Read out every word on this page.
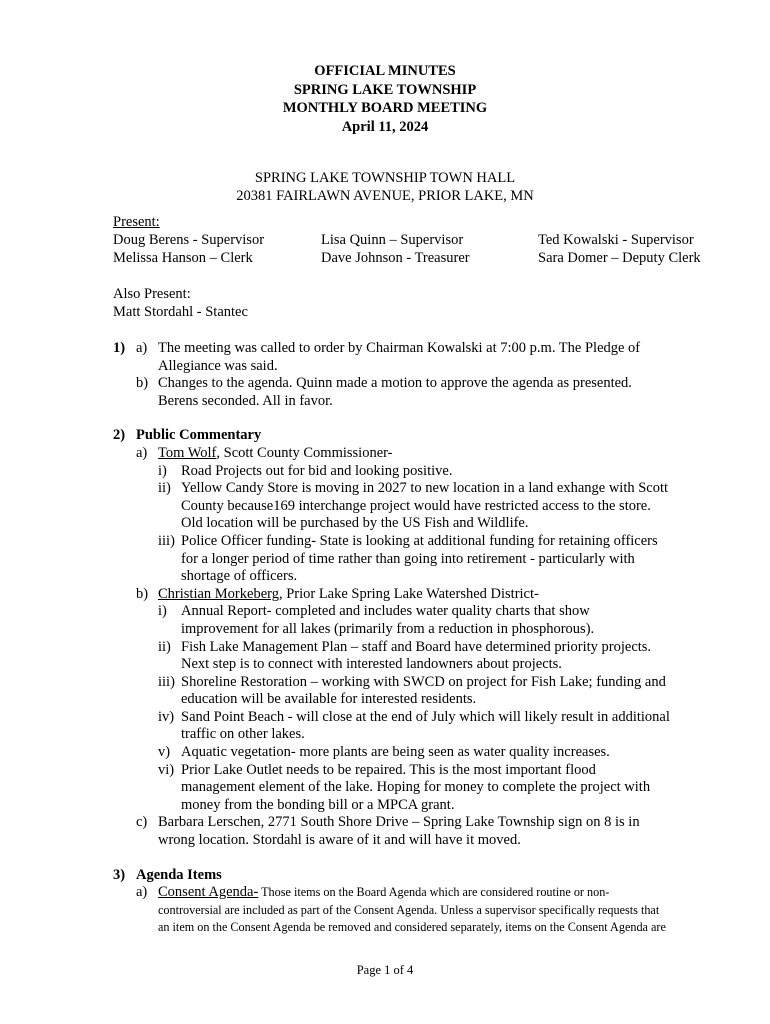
OFFICIAL MINUTES
SPRING LAKE TOWNSHIP
MONTHLY BOARD MEETING
April 11, 2024
SPRING LAKE TOWNSHIP TOWN HALL
20381 FAIRLAWN AVENUE, PRIOR LAKE, MN
Present:
Doug Berens - Supervisor
Melissa Hanson – Clerk
Lisa Quinn – Supervisor
Dave Johnson - Treasurer
Ted Kowalski - Supervisor
Sara Domer – Deputy Clerk
Also Present:
Matt Stordahl - Stantec
1) a) The meeting was called to order by Chairman Kowalski at 7:00 p.m. The Pledge of
Allegiance was said.
b) Changes to the agenda. Quinn made a motion to approve the agenda as presented.
Berens seconded. All in favor.
2) Public Commentary
a) Tom Wolf, Scott County Commissioner-
i) Road Projects out for bid and looking positive.
ii) Yellow Candy Store is moving in 2027 to new location in a land exhange with Scott
County because169 interchange project would have restricted access to the store.
Old location will be purchased by the US Fish and Wildlife.
iii) Police Officer funding- State is looking at additional funding for retaining officers
for a longer period of time rather than going into retirement - particularly with
shortage of officers.
b) Christian Morkeberg, Prior Lake Spring Lake Watershed District-
i) Annual Report- completed and includes water quality charts that show
improvement for all lakes (primarily from a reduction in phosphorous).
ii) Fish Lake Management Plan – staff and Board have determined priority projects.
Next step is to connect with interested landowners about projects.
iii) Shoreline Restoration – working with SWCD on project for Fish Lake; funding and
education will be available for interested residents.
iv) Sand Point Beach - will close at the end of July which will likely result in additional
traffic on other lakes.
v) Aquatic vegetation- more plants are being seen as water quality increases.
vi) Prior Lake Outlet needs to be repaired. This is the most important flood
management element of the lake. Hoping for money to complete the project with
money from the bonding bill or a MPCA grant.
c) Barbara Lerschen, 2771 South Shore Drive – Spring Lake Township sign on 8 is in
wrong location. Stordahl is aware of it and will have it moved.
3) Agenda Items
a) Consent Agenda- Those items on the Board Agenda which are considered routine or non-
controversial are included as part of the Consent Agenda. Unless a supervisor specifically requests that
an item on the Consent Agenda be removed and considered separately, items on the Consent Agenda are
Page 1 of 4
